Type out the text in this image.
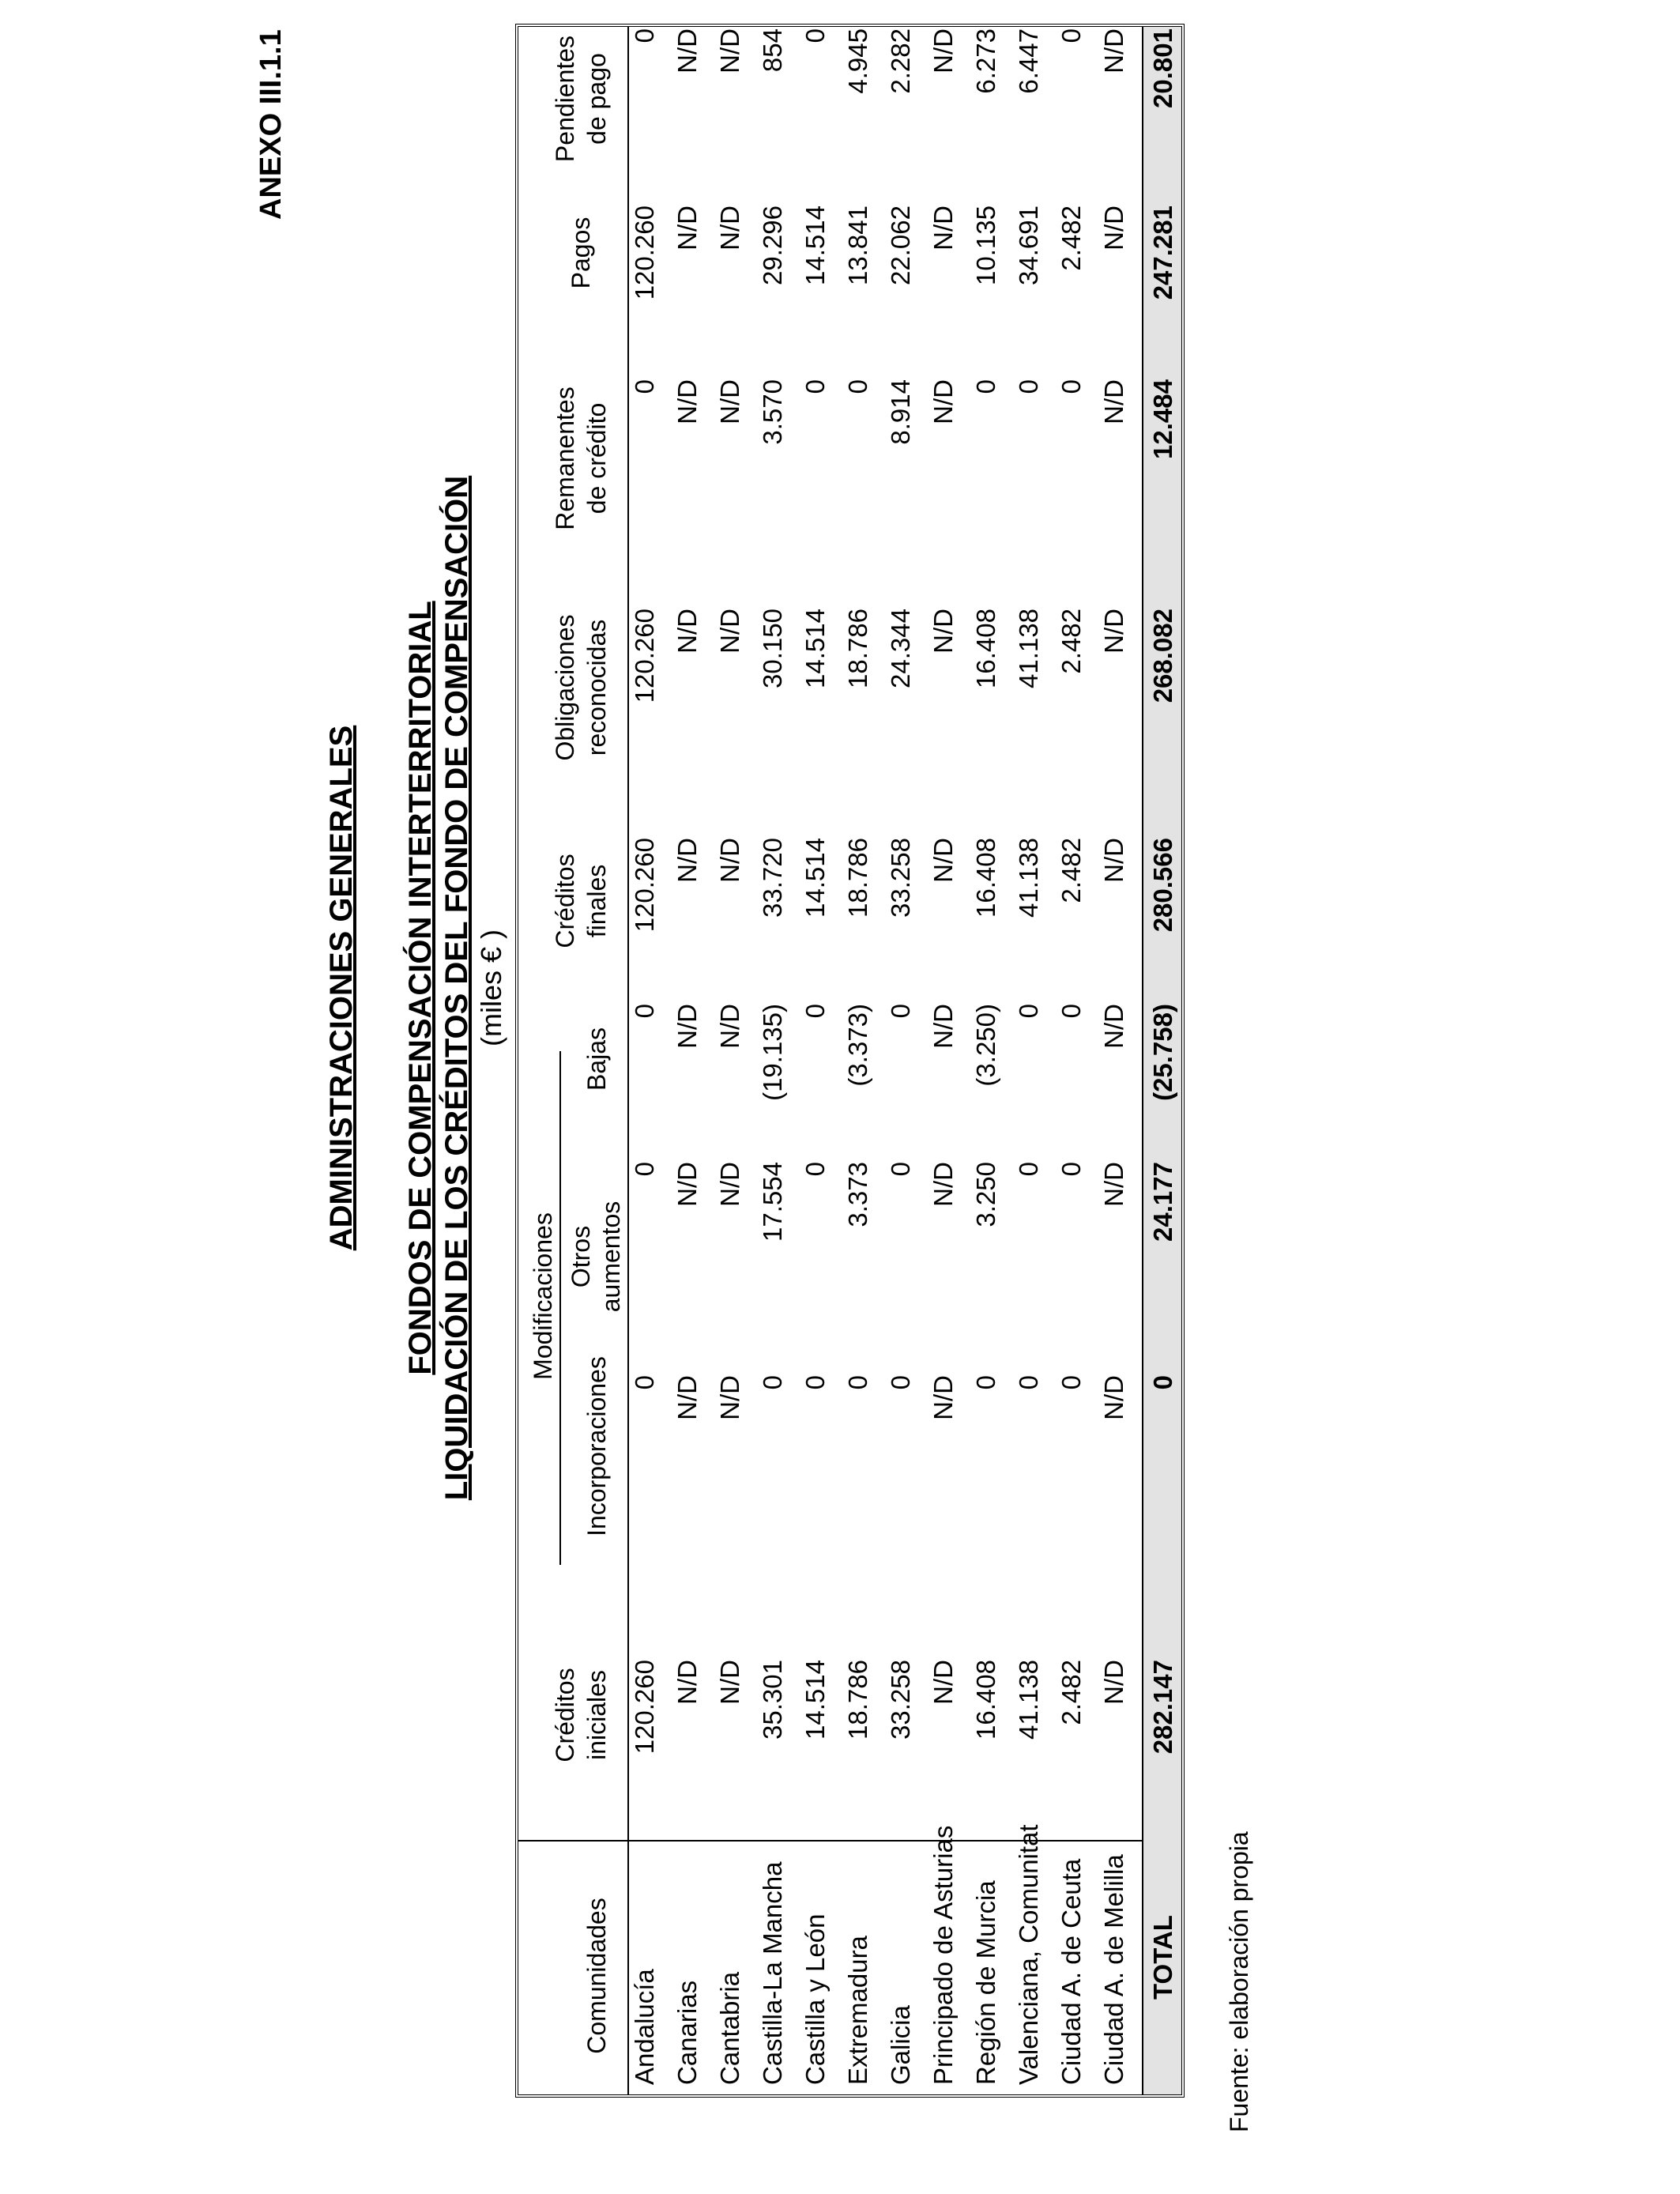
ANEXO III.1.1
ADMINISTRACIONES GENERALES FONDOS DE COMPENSACIÓN INTERTERRITORIAL LIQUIDACIÓN DE LOS CRÉDITOS DEL FONDO DE COMPENSACIÓN (miles € )
Comunidades
Créditos iniciales
Modificaciones
Incorporaciones
Otros aumentos
Bajas
Créditos finales
Obligaciones reconocidas
Remanentes de crédito
Pagos
Pendientes de pago
Andalucía
120.260
0
0
0
120.260
120.260
0
120.260
0
Canarias
N/D
N/D
N/D
N/D
N/D
N/D
N/D
N/D
N/D
Cantabria
N/D
N/D
N/D
N/D
N/D
N/D
N/D
N/D
N/D
Castilla-La Mancha
35.301
0
17.554
(19.135)
33.720
30.150
3.570
29.296
854
Castilla y León
14.514
0
0
0
14.514
14.514
0
14.514
0
Extremadura
18.786
0
3.373
(3.373)
18.786
18.786
0
13.841
4.945
Galicia
33.258
0
0
0
33.258
24.344
8.914
22.062
2.282
Principado de Asturias
N/D
N/D
N/D
N/D
N/D
N/D
N/D
N/D
N/D
Región de Murcia
16.408
0
3.250
(3.250)
16.408
16.408
0
10.135
6.273
Valenciana, Comunitat
41.138
0
0
0
41.138
41.138
0
34.691
6.447
Ciudad A. de Ceuta
2.482
0
0
0
2.482
2.482
0
2.482
0
Ciudad A. de Melilla
N/D
N/D
N/D
N/D
N/D
N/D
N/D
N/D
N/D
TOTAL
282.147
0
24.177
(25.758)
280.566
268.082
12.484
247.281
20.801
Fuente: elaboración propia
